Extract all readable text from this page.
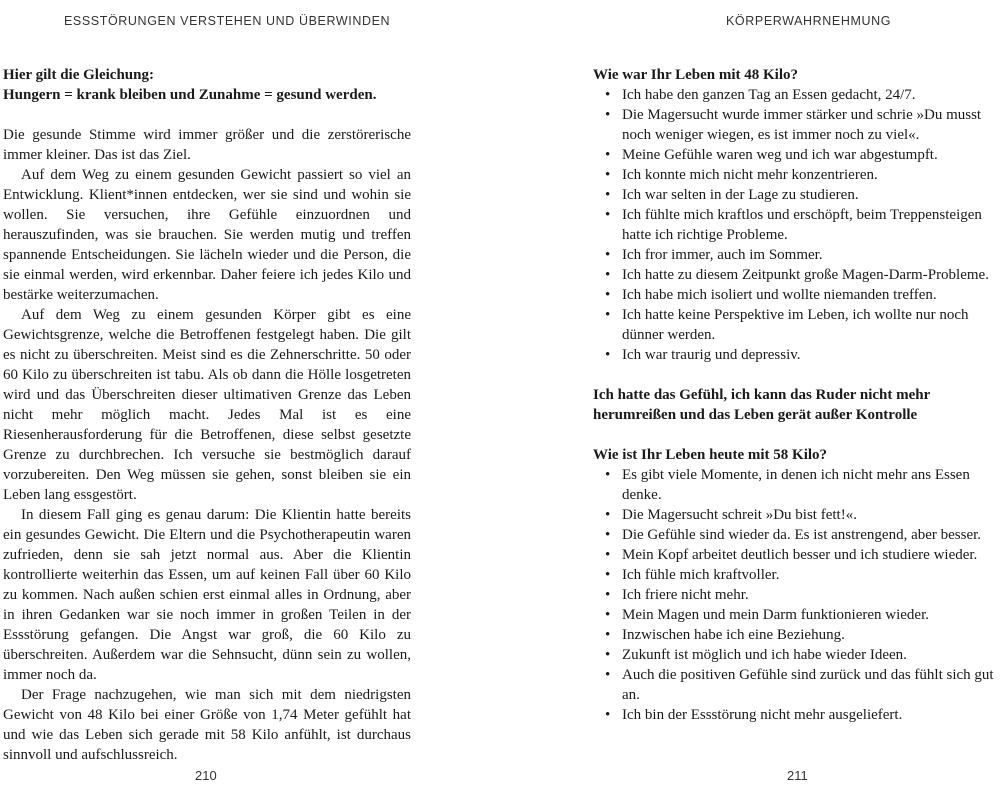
ESSSTÖRUNGEN VERSTEHEN UND ÜBERWINDEN

Hier gilt die Gleichung:

Hungern = krank bleiben und Zunahme = gesund werden.

Die gesunde Stimme wird immer größer und die zerstörerische immer kleiner. Das ist das Ziel.

Auf dem Weg zu einem gesunden Gewicht passiert so viel an Entwicklung. Klient*innen entdecken, wer sie sind und wohin sie wollen. Sie versuchen, ihre Gefühle einzuordnen und herauszufinden, was sie brauchen. Sie werden mutig und treffen spannende Entscheidungen. Sie lächeln wieder und die Person, die sie einmal werden, wird erkennbar. Daher feiere ich jedes Kilo und bestärke weiterzumachen.

Auf dem Weg zu einem gesunden Körper gibt es eine Gewichtsgrenze, welche die Betroffenen festgelegt haben. Die gilt es nicht zu überschreiten. Meist sind es die Zehnerschritte. 50 oder 60 Kilo zu überschreiten ist tabu. Als ob dann die Hölle losgetreten wird und das Überschreiten dieser ultimativen Grenze das Leben nicht mehr möglich macht. Jedes Mal ist es eine Riesenherausforderung für die Betroffenen, diese selbst gesetzte Grenze zu durchbrechen. Ich versuche sie bestmöglich darauf vorzubereiten. Den Weg müssen sie gehen, sonst bleiben sie ein Leben lang essgestört.

In diesem Fall ging es genau darum: Die Klientin hatte bereits ein gesundes Gewicht. Die Eltern und die Psychotherapeutin waren zufrieden, denn sie sah jetzt normal aus. Aber die Klientin kontrollierte weiterhin das Essen, um auf keinen Fall über 60 Kilo zu kommen. Nach außen schien erst einmal alles in Ordnung, aber in ihren Gedanken war sie noch immer in großen Teilen in der Essstörung gefangen. Die Angst war groß, die 60 Kilo zu überschreiten. Außerdem war die Sehnsucht, dünn sein zu wollen, immer noch da.

Der Frage nachzugehen, wie man sich mit dem niedrigsten Gewicht von 48 Kilo bei einer Größe von 1,74 Meter gefühlt hat und wie das Leben sich gerade mit 58 Kilo anfühlt, ist durchaus sinnvoll und aufschlussreich.

210
KÖRPERWAHRNEHMUNG

Wie war Ihr Leben mit 48 Kilo?

• Ich habe den ganzen Tag an Essen gedacht, 24/7.
• Die Magersucht wurde immer stärker und schrie »Du musst noch weniger wiegen, es ist immer noch zu viel«.
• Meine Gefühle waren weg und ich war abgestumpft.
• Ich konnte mich nicht mehr konzentrieren.
• Ich war selten in der Lage zu studieren.
• Ich fühlte mich kraftlos und erschöpft, beim Treppensteigen hatte ich richtige Probleme.
• Ich fror immer, auch im Sommer.
• Ich hatte zu diesem Zeitpunkt große Magen-Darm-Probleme.
• Ich habe mich isoliert und wollte niemanden treffen.
• Ich hatte keine Perspektive im Leben, ich wollte nur noch dünner werden.
• Ich war traurig und depressiv.

Ich hatte das Gefühl, ich kann das Ruder nicht mehr herumreißen und das Leben gerät außer Kontrolle

Wie ist Ihr Leben heute mit 58 Kilo?

• Es gibt viele Momente, in denen ich nicht mehr ans Essen denke.
• Die Magersucht schreit »Du bist fett!«.
• Die Gefühle sind wieder da. Es ist anstrengend, aber besser.
• Mein Kopf arbeitet deutlich besser und ich studiere wieder.
• Ich fühle mich kraftvoller.
• Ich friere nicht mehr.
• Mein Magen und mein Darm funktionieren wieder.
• Inzwischen habe ich eine Beziehung.
• Zukunft ist möglich und ich habe wieder Ideen.
• Auch die positiven Gefühle sind zurück und das fühlt sich gut an.
• Ich bin der Essstörung nicht mehr ausgeliefert.
211
